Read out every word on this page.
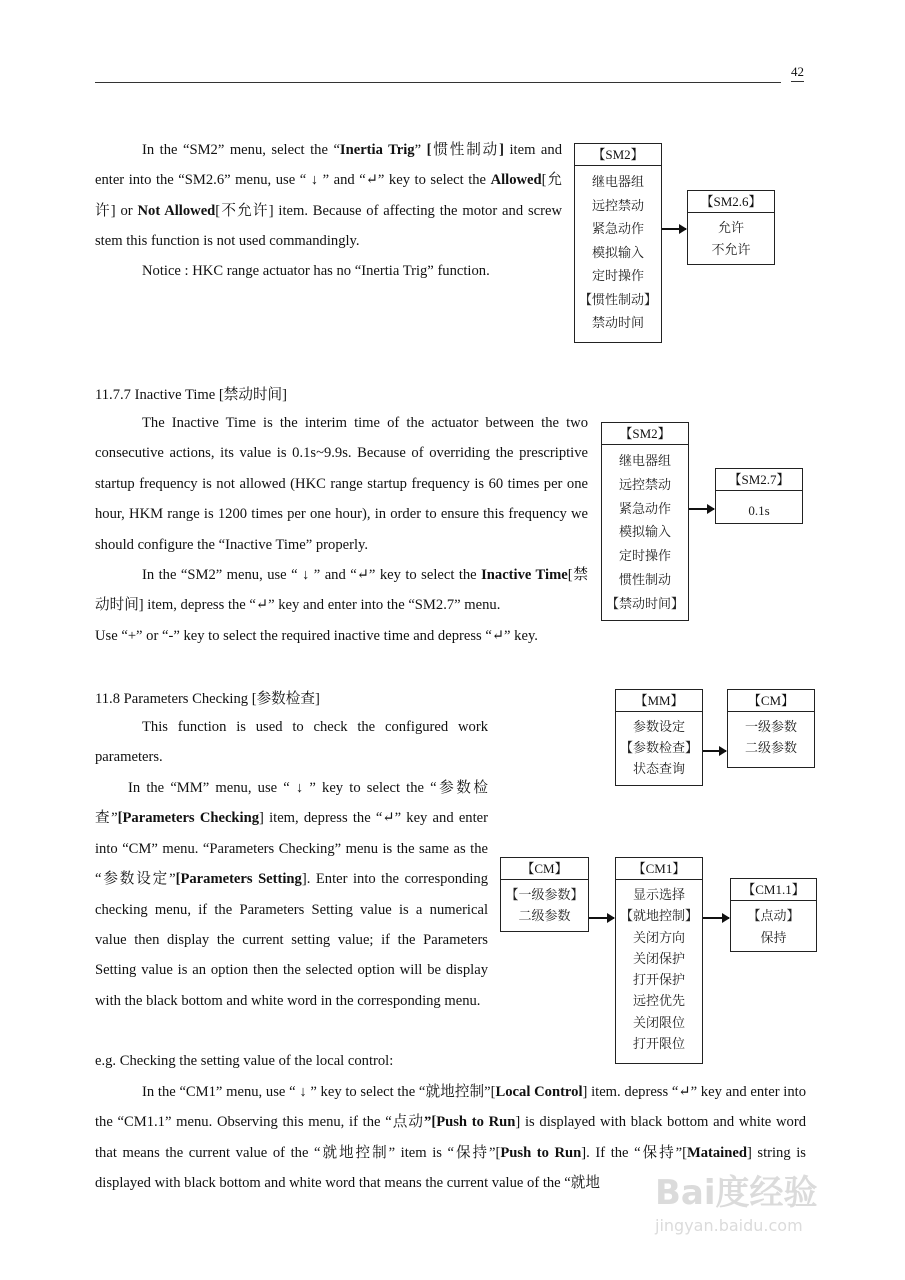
42
In the “SM2” menu, select the “Inertia Trig” [惯性制动] item and enter into the “SM2.6” menu, use “ ↓ ” and “↵” key to select the Allowed[允许] or Not Allowed[不允许] item. Because of affecting the motor and screw stem this function is not used commandingly.
Notice : HKC range actuator has no “Inertia Trig” function.
【SM2】
继电器组
远控禁动
紧急动作
模拟输入
定时操作
【惯性制动】
禁动时间
【SM2.6】
允许
不允许
11.7.7 Inactive Time [禁动时间]
The Inactive Time is the interim time of the actuator between the two consecutive actions, its value is 0.1s~9.9s. Because of overriding the prescriptive startup frequency is not allowed (HKC range startup frequency is 60 times per one hour, HKM range is 1200 times per one hour), in order to ensure this frequency we should configure the “Inactive Time” properly.
In the “SM2” menu, use “ ↓ ” and “↵” key to select the Inactive Time[禁动时间] item, depress the “↵” key and enter into the “SM2.7” menu.
Use “+” or “-” key to select the required inactive time and depress “↵” key.
【SM2】
继电器组
远控禁动
紧急动作
模拟输入
定时操作
惯性制动
【禁动时间】
【SM2.7】
0.1s
11.8 Parameters Checking [参数检查]
This function is used to check the configured work parameters.
In the “MM” menu, use “ ↓ ” key to select the “参数检查”[Parameters Checking] item, depress the “↵” key and enter into “CM” menu. “Parameters Checking” menu is the same as the “参数设定”[Parameters Setting]. Enter into the corresponding checking menu, if the Parameters Setting value is a numerical value then display the current setting value; if the Parameters Setting value is an option then the selected option will be display with the black bottom and white word in the corresponding menu.
e.g. Checking the setting value of the local control:
【MM】
参数设定
【参数检查】
状态查询
【CM】
一级参数
二级参数
【CM】
【一级参数】
二级参数
【CM1】
显示选择
【就地控制】
关闭方向
关闭保护
打开保护
远控优先
关闭限位
打开限位
【CM1.1】
【点动】
保持
In the “CM1” menu, use “ ↓ ” key to select the “就地控制”[Local Control] item. depress “↵” key and enter into the “CM1.1” menu. Observing this menu, if the “点动”[Push to Run] is displayed with black bottom and white word that means the current value of the “就地控制” item is “保持”[Push to Run]. If the “保持”[Matained] string is displayed with black bottom and white word that means the current value of the “就地	Bai度经验
jingyan.baidu.com
